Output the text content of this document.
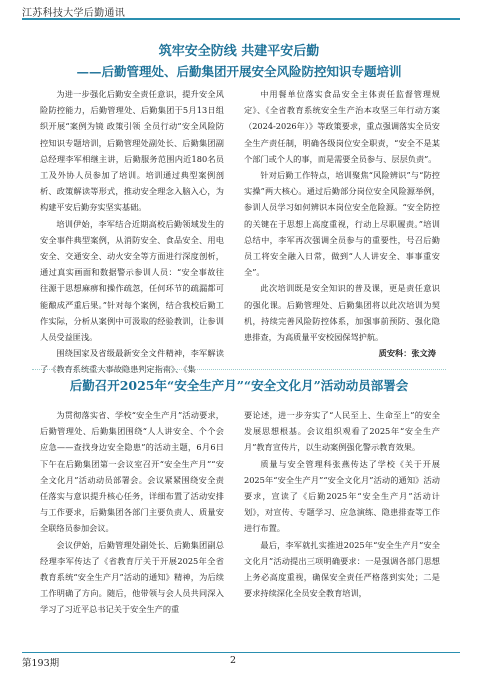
江苏科技大学后勤通讯
筑牢安全防线 共建平安后勤
——后勤管理处、后勤集团开展安全风险防控知识专题培训

为进一步强化后勤安全责任意识，提升安全风险防控能力，后勤管理处、后勤集团于5月13日组织开展“案例为镜 政策引领 全员行动”安全风险防控知识专题培训，后勤管理处副处长、后勤集团副总经理李军相继主讲，后勤服务范围内近180名员工及外协人员参加了培训。培训通过典型案例剖析、政策解读等形式，推动安全理念入脑入心，为构建平安后勤夯实坚实基础。

培训伊始，李军结合近期高校后勤领域发生的安全事件典型案例，从消防安全、食品安全、用电安全、交通安全、动火安全等方面进行深度剖析，通过真实画面和数据警示参训人员：“安全事故往往源于思想麻痹和操作疏忽，任何环节的疏漏都可能酿成严重后果。”针对每个案例，结合我校后勤工作实际，分析从案例中可汲取的经验教训，让参训人员受益匪浅。

围绕国家及省级最新安全文件精神，李军解读了《教育系统重大事故隐患判定指南》、《集

中用餐单位落实食品安全主体责任监督管理规定》、《全省教育系统安全生产治本攻坚三年行动方案（2024-2026年）》等政策要求，重点强调落实全员安全生产责任制，明确各级岗位安全职责，“安全不是某个部门或个人的事，而是需要全员参与、层层负责”。

针对后勤工作特点，培训聚焦“风险辨识”与“防控实操”两大核心。通过后勤部分岗位安全风险源举例，参训人员学习如何辨识本岗位安全危险源。“安全防控的关键在于思想上高度重视，行动上尽职履责。”培训总结中，李军再次强调全员参与的重要性，号召后勤员工将安全融入日常，做到“人人讲安全、事事重安全”。

此次培训既是安全知识的普及课，更是责任意识的强化课。后勤管理处、后勤集团将以此次培训为契机，持续完善风险防控体系，加强事前预防、强化隐患排查，为高质量平安校园保驾护航。

质安科：张文涛

后勤召开2025年“安全生产月”“安全文化月”活动动员部署会

为贯彻落实省、学校“安全生产月”活动要求，后勤管理处、后勤集团围绕“人人讲安全、个个会应急——查找身边安全隐患”的活动主题，6月6日下午在后勤集团第一会议室召开“安全生产月”“安全文化月”活动动员部署会。会议紧紧围绕安全责任落实与意识提升核心任务，详细布置了活动安排与工作要求，后勤集团各部门主要负责人、质量安全联络员参加会议。

会议伊始，后勤管理处副处长、后勤集团副总经理李军传达了《省教育厅关于开展2025年全省教育系统“安全生产月”活动的通知》精神，为后续工作明确了方向。随后，他带领与会人员共同深入学习了习近平总书记关于安全生产的重

要论述，进一步夯实了“人民至上、生命至上”的安全发展思想根基。会议组织观看了2025年“安全生产月”教育宣传片，以生动案例强化警示教育效果。

质量与安全管理科张燕传达了学校《关于开展2025年“安全生产月”“安全文化月”活动的通知》活动要求，宣读了《后勤2025年“安全生产月”活动计划》，对宣传、专题学习、应急演练、隐患排查等工作进行布置。

最后，李军就扎实推进2025年“安全生产月”安全文化月”活动提出三项明确要求：一是强调各部门思想上务必高度重视，确保安全责任严格落到实处；二是要求持续深化全员安全教育培训，

第193期	2
